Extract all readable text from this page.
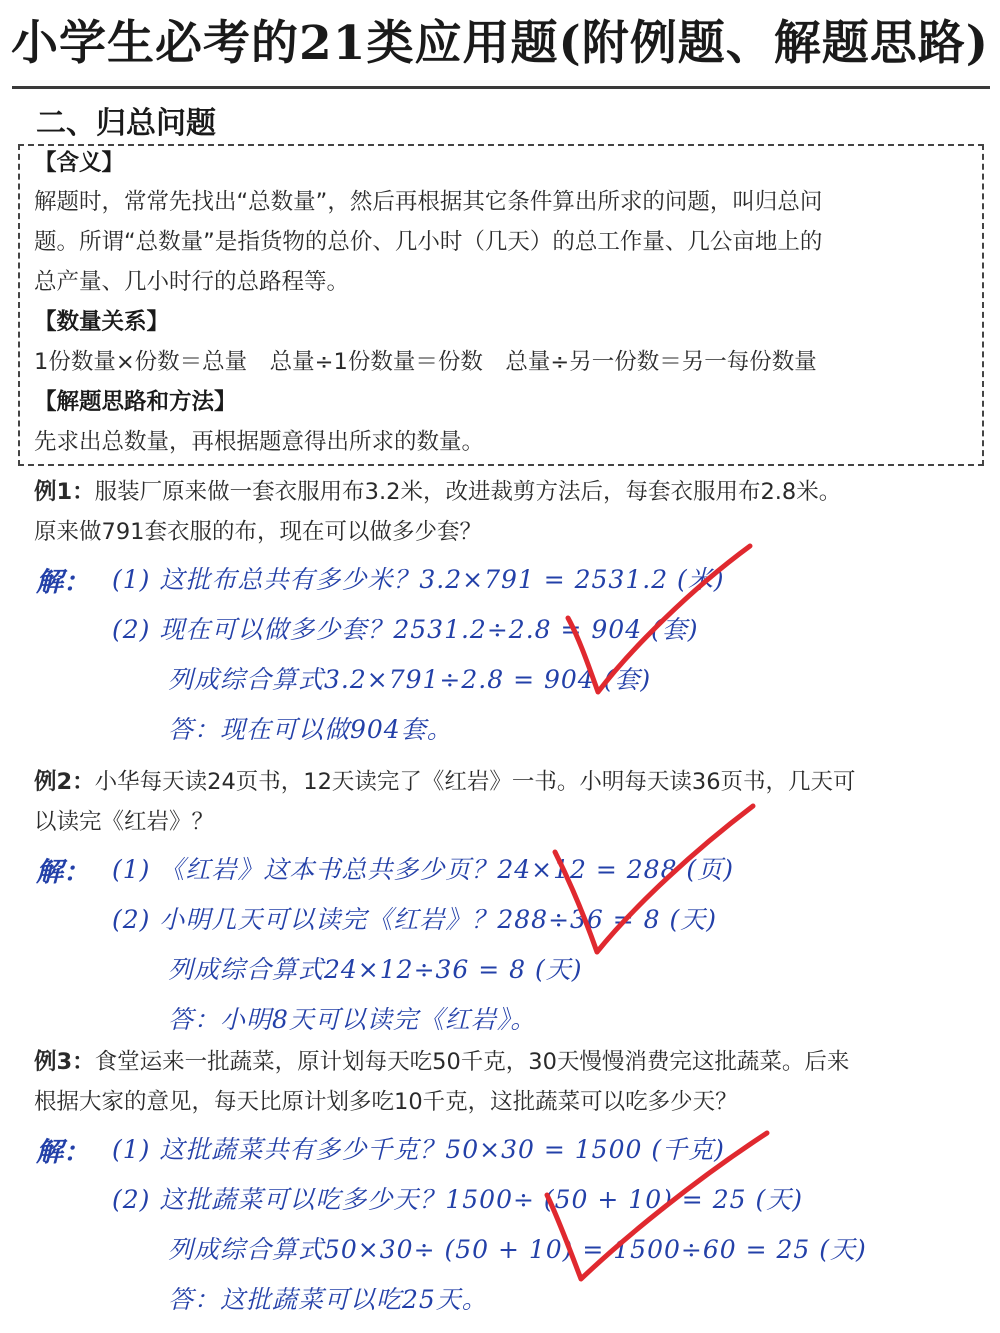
小学生必考的21类应用题(附例题、解题思路)
二、归总问题
【含义】
解题时，常常先找出“总数量”，然后再根据其它条件算出所求的问题，叫归总问
题。所谓“总数量”是指货物的总价、几小时（几天）的总工作量、几公亩地上的
总产量、几小时行的总路程等。
【数量关系】
1份数量×份数＝总量　总量÷1份数量＝份数　总量÷另一份数＝另一每份数量
【解题思路和方法】
先求出总数量，再根据题意得出所求的数量。
例1：服装厂原来做一套衣服用布3.2米，改进裁剪方法后，每套衣服用布2.8米。
原来做791套衣服的布，现在可以做多少套？
解： (1) 这批布总共有多少米？3.2×791 = 2531.2 (米)
(2) 现在可以做多少套？2531.2÷2.8 = 904 (套)
列成综合算式3.2×791÷2.8 = 904 (套)
答：现在可以做904套。
例2：小华每天读24页书，12天读完了《红岩》一书。小明每天读36页书，几天可
以读完《红岩》？
解： (1) 《红岩》这本书总共多少页？24×12 = 288 (页)
(2) 小明几天可以读完《红岩》？288÷36 = 8 (天)
列成综合算式24×12÷36 = 8 (天)
答：小明8天可以读完《红岩》。
例3：食堂运来一批蔬菜，原计划每天吃50千克，30天慢慢消费完这批蔬菜。后来
根据大家的意见，每天比原计划多吃10千克，这批蔬菜可以吃多少天？
解： (1) 这批蔬菜共有多少千克？50×30 = 1500 (千克)
(2) 这批蔬菜可以吃多少天？1500÷ (50 + 10) = 25 (天)
列成综合算式50×30÷ (50 + 10) = 1500÷60 = 25 (天)
答：这批蔬菜可以吃25天。
